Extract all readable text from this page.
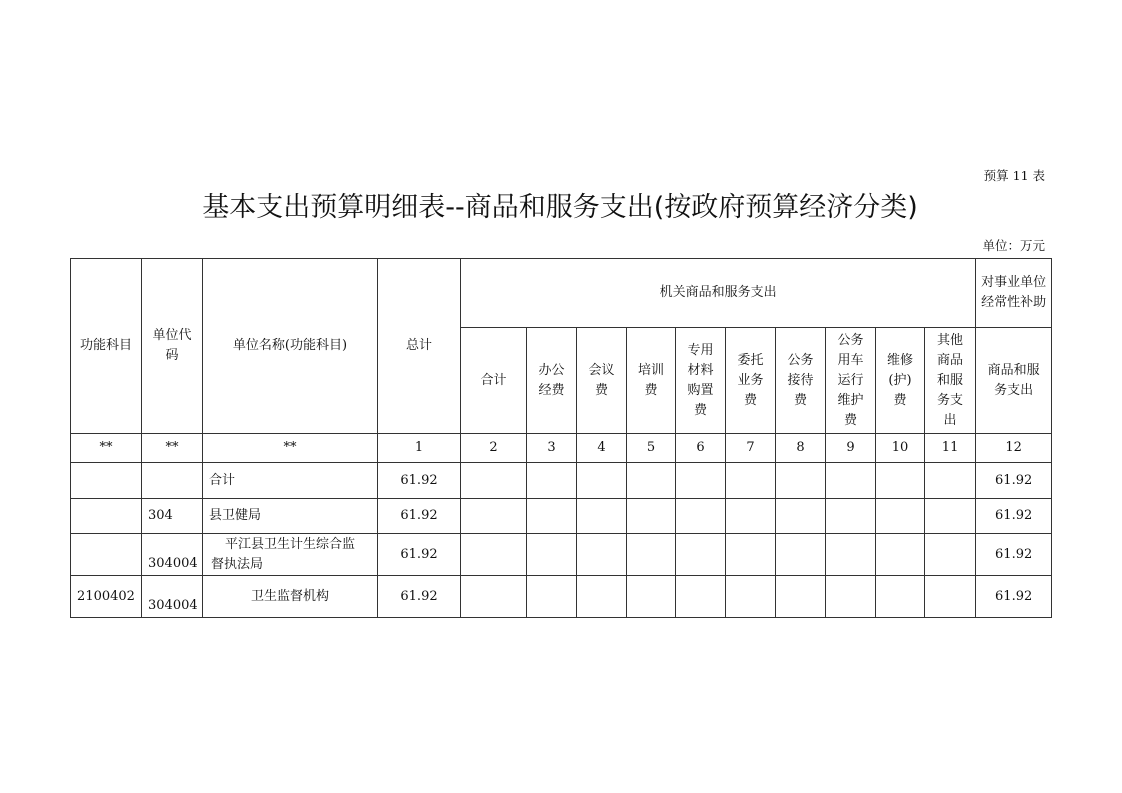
预算 11 表
基本支出预算明细表--商品和服务支出(按政府预算经济分类)
单位：万元
功能科目	单位代码	单位名称(功能科目)	总计	机关商品和服务支出										对事业单位经常性补助

				合计	办公经费	会议费	培训费	专用材料购置费	委托业务费	公务接待费	公务用车运行维护费	维修(护)费	其他商品和服务支出	商品和服务支出

**	**	**	1	2	3	4	5	6	7	8	9	10	11	12
		合计	61.92											61.92
	304	县卫健局	61.92											61.92
	304004	平江县卫生计生综合监
督执法局	61.92											61.92
2100402	304004	卫生监督机构	61.92											61.92
